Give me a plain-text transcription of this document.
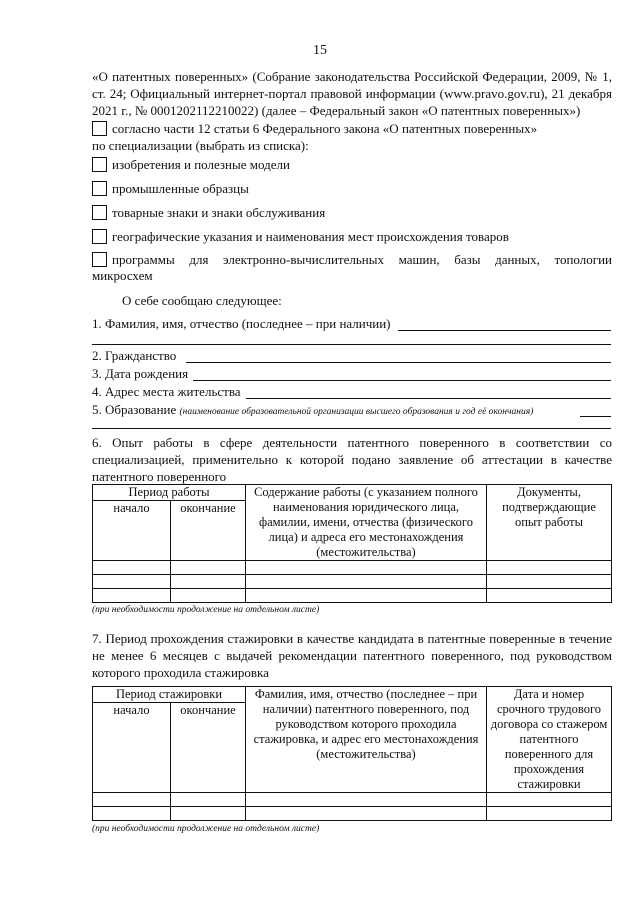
15
«О патентных поверенных» (Собрание законодательства Российской Федерации, 2009, № 1, ст. 24; Официальный интернет-портал правовой информации (www.pravo.gov.ru), 21 декабря 2021 г., № 0001202112210022) (далее – Федеральный закон «О патентных поверенных»)
согласно части 12 статьи 6 Федерального закона «О патентных поверенных»
по специализации (выбрать из списка):
изобретения и полезные модели
промышленные образцы
товарные знаки и знаки обслуживания
географические указания и наименования мест происхождения товаров
программы для электронно-вычислительных машин, базы данных, топологии
микросхем
О себе сообщаю следующее:
1. Фамилия, имя, отчество (последнее – при наличии)
2. Гражданство
3. Дата рождения
4. Адрес места жительства
5. Образование (наименование образовательной организации высшего образования и год её окончания)
6. Опыт работы в сфере деятельности патентного поверенного в соответствии со специализацией, применительно к которой подано заявление об аттестации в качестве патентного поверенного
Период работы		Содержание работы (с указанием полного наименования юридического лица, фамилии, имени, отчества (физического лица) и адреса его местонахождения (местожительства)	Документы, подтверждающие опыт работы
начало	окончание		

(при необходимости продолжение на отдельном листе)
7. Период прохождения стажировки в качестве кандидата в патентные поверенные в течение не менее 6 месяцев с выдачей рекомендации патентного поверенного, под руководством которого проходила стажировка
Период стажировки		Фамилия, имя, отчество (последнее – при наличии) патентного поверенного, под руководством которого проходила стажировка, и адрес его местонахождения (местожительства)	Дата и номер срочного трудового договора со стажером патентного поверенного для прохождения стажировки
начало	окончание		

(при необходимости продолжение на отдельном листе)
